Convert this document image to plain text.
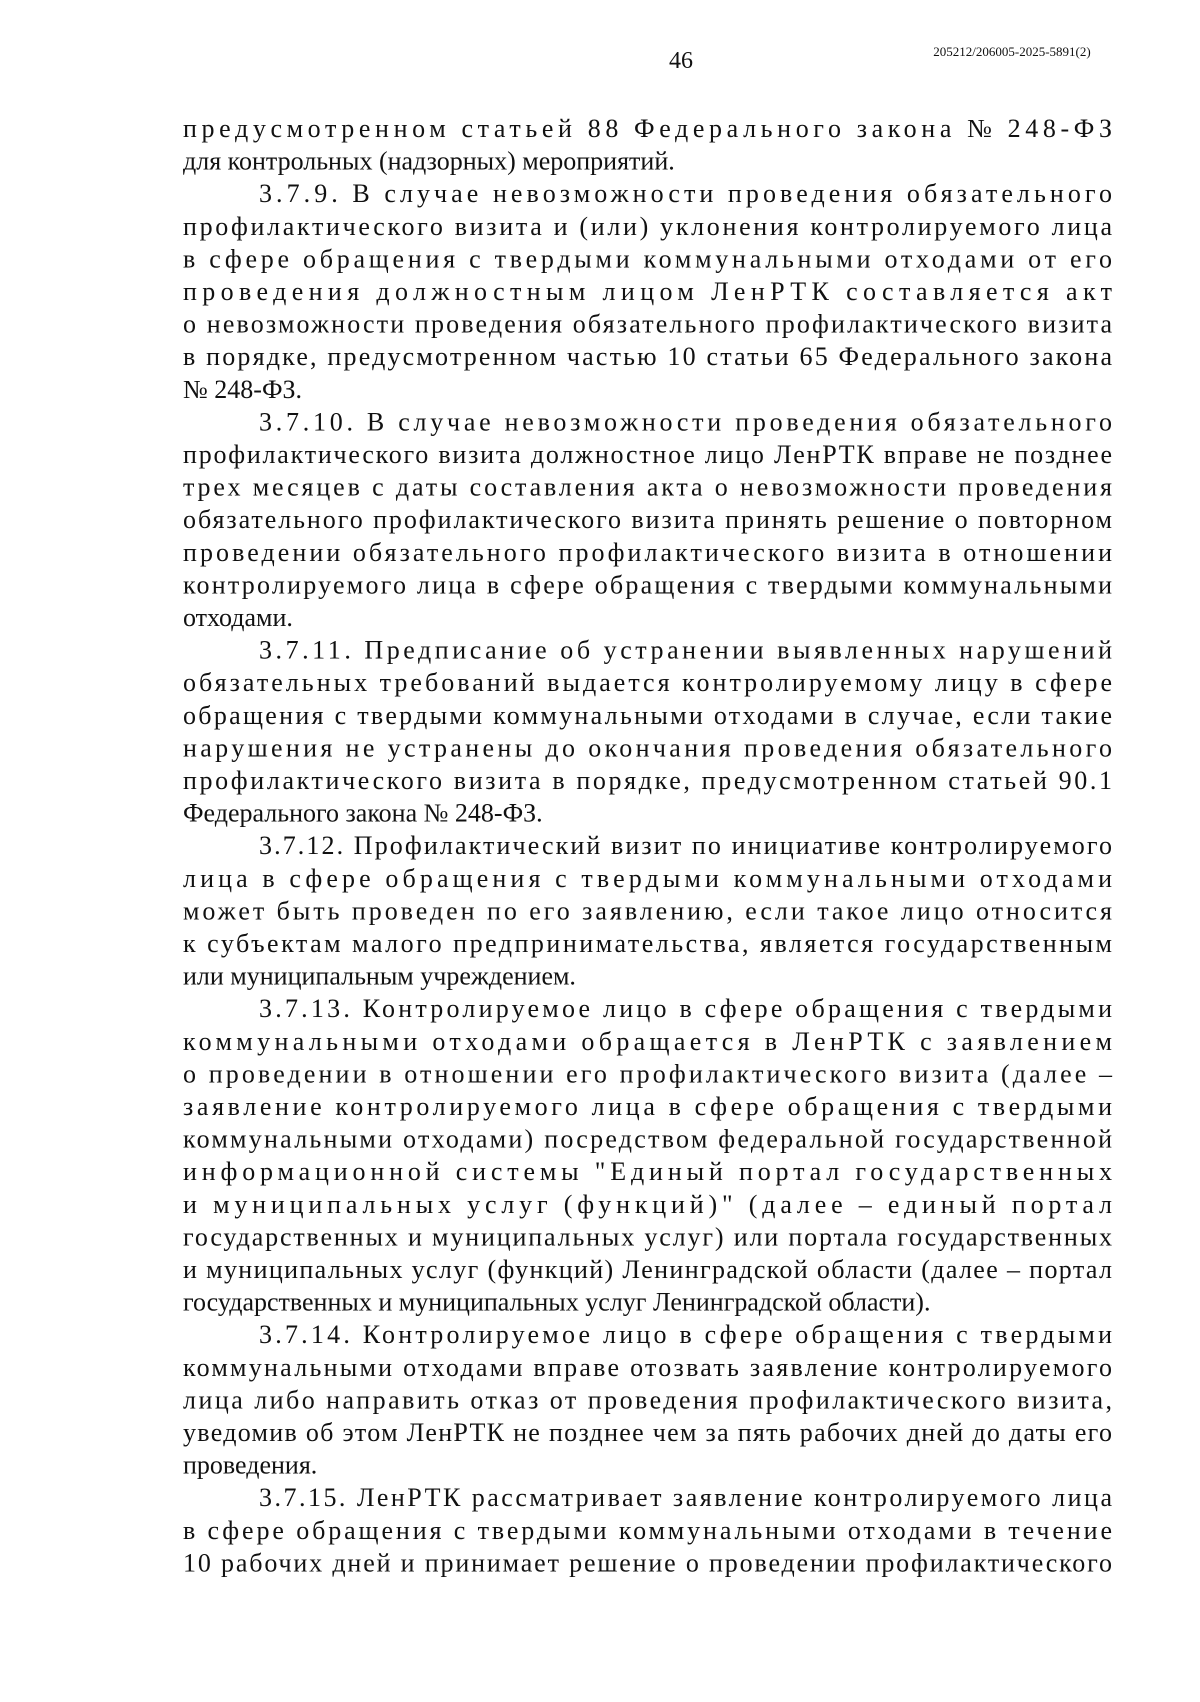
46	205212/206005-2025-5891(2)
предусмотренном статьей 88 Федерального закона № 248-ФЗ
для контрольных (надзорных) мероприятий.
3.7.9. В случае невозможности проведения обязательного
профилактического визита и (или) уклонения контролируемого лица
в сфере обращения с твердыми коммунальными отходами от его
проведения должностным лицом ЛенРТК составляется акт
о невозможности проведения обязательного профилактического визита
в порядке, предусмотренном частью 10 статьи 65 Федерального закона
№ 248-ФЗ.
3.7.10. В случае невозможности проведения обязательного
профилактического визита должностное лицо ЛенРТК вправе не позднее
трех месяцев с даты составления акта о невозможности проведения
обязательного профилактического визита принять решение о повторном
проведении обязательного профилактического визита в отношении
контролируемого лица в сфере обращения с твердыми коммунальными
отходами.
3.7.11. Предписание об устранении выявленных нарушений
обязательных требований выдается контролируемому лицу в сфере
обращения с твердыми коммунальными отходами в случае, если такие
нарушения не устранены до окончания проведения обязательного
профилактического визита в порядке, предусмотренном статьей 90.1
Федерального закона № 248-ФЗ.
3.7.12. Профилактический визит по инициативе контролируемого
лица в сфере обращения с твердыми коммунальными отходами
может быть проведен по его заявлению, если такое лицо относится
к субъектам малого предпринимательства, является государственным
или муниципальным учреждением.
3.7.13. Контролируемое лицо в сфере обращения с твердыми
коммунальными отходами обращается в ЛенРТК с заявлением
о проведении в отношении его профилактического визита (далее –
заявление контролируемого лица в сфере обращения с твердыми
коммунальными отходами) посредством федеральной государственной
информационной системы "Единый портал государственных
и муниципальных услуг (функций)" (далее – единый портал
государственных и муниципальных услуг) или портала государственных
и муниципальных услуг (функций) Ленинградской области (далее – портал
государственных и муниципальных услуг Ленинградской области).
3.7.14. Контролируемое лицо в сфере обращения с твердыми
коммунальными отходами вправе отозвать заявление контролируемого
лица либо направить отказ от проведения профилактического визита,
уведомив об этом ЛенРТК не позднее чем за пять рабочих дней до даты его
проведения.
3.7.15. ЛенРТК рассматривает заявление контролируемого лица
в сфере обращения с твердыми коммунальными отходами в течение
10 рабочих дней и принимает решение о проведении профилактического
